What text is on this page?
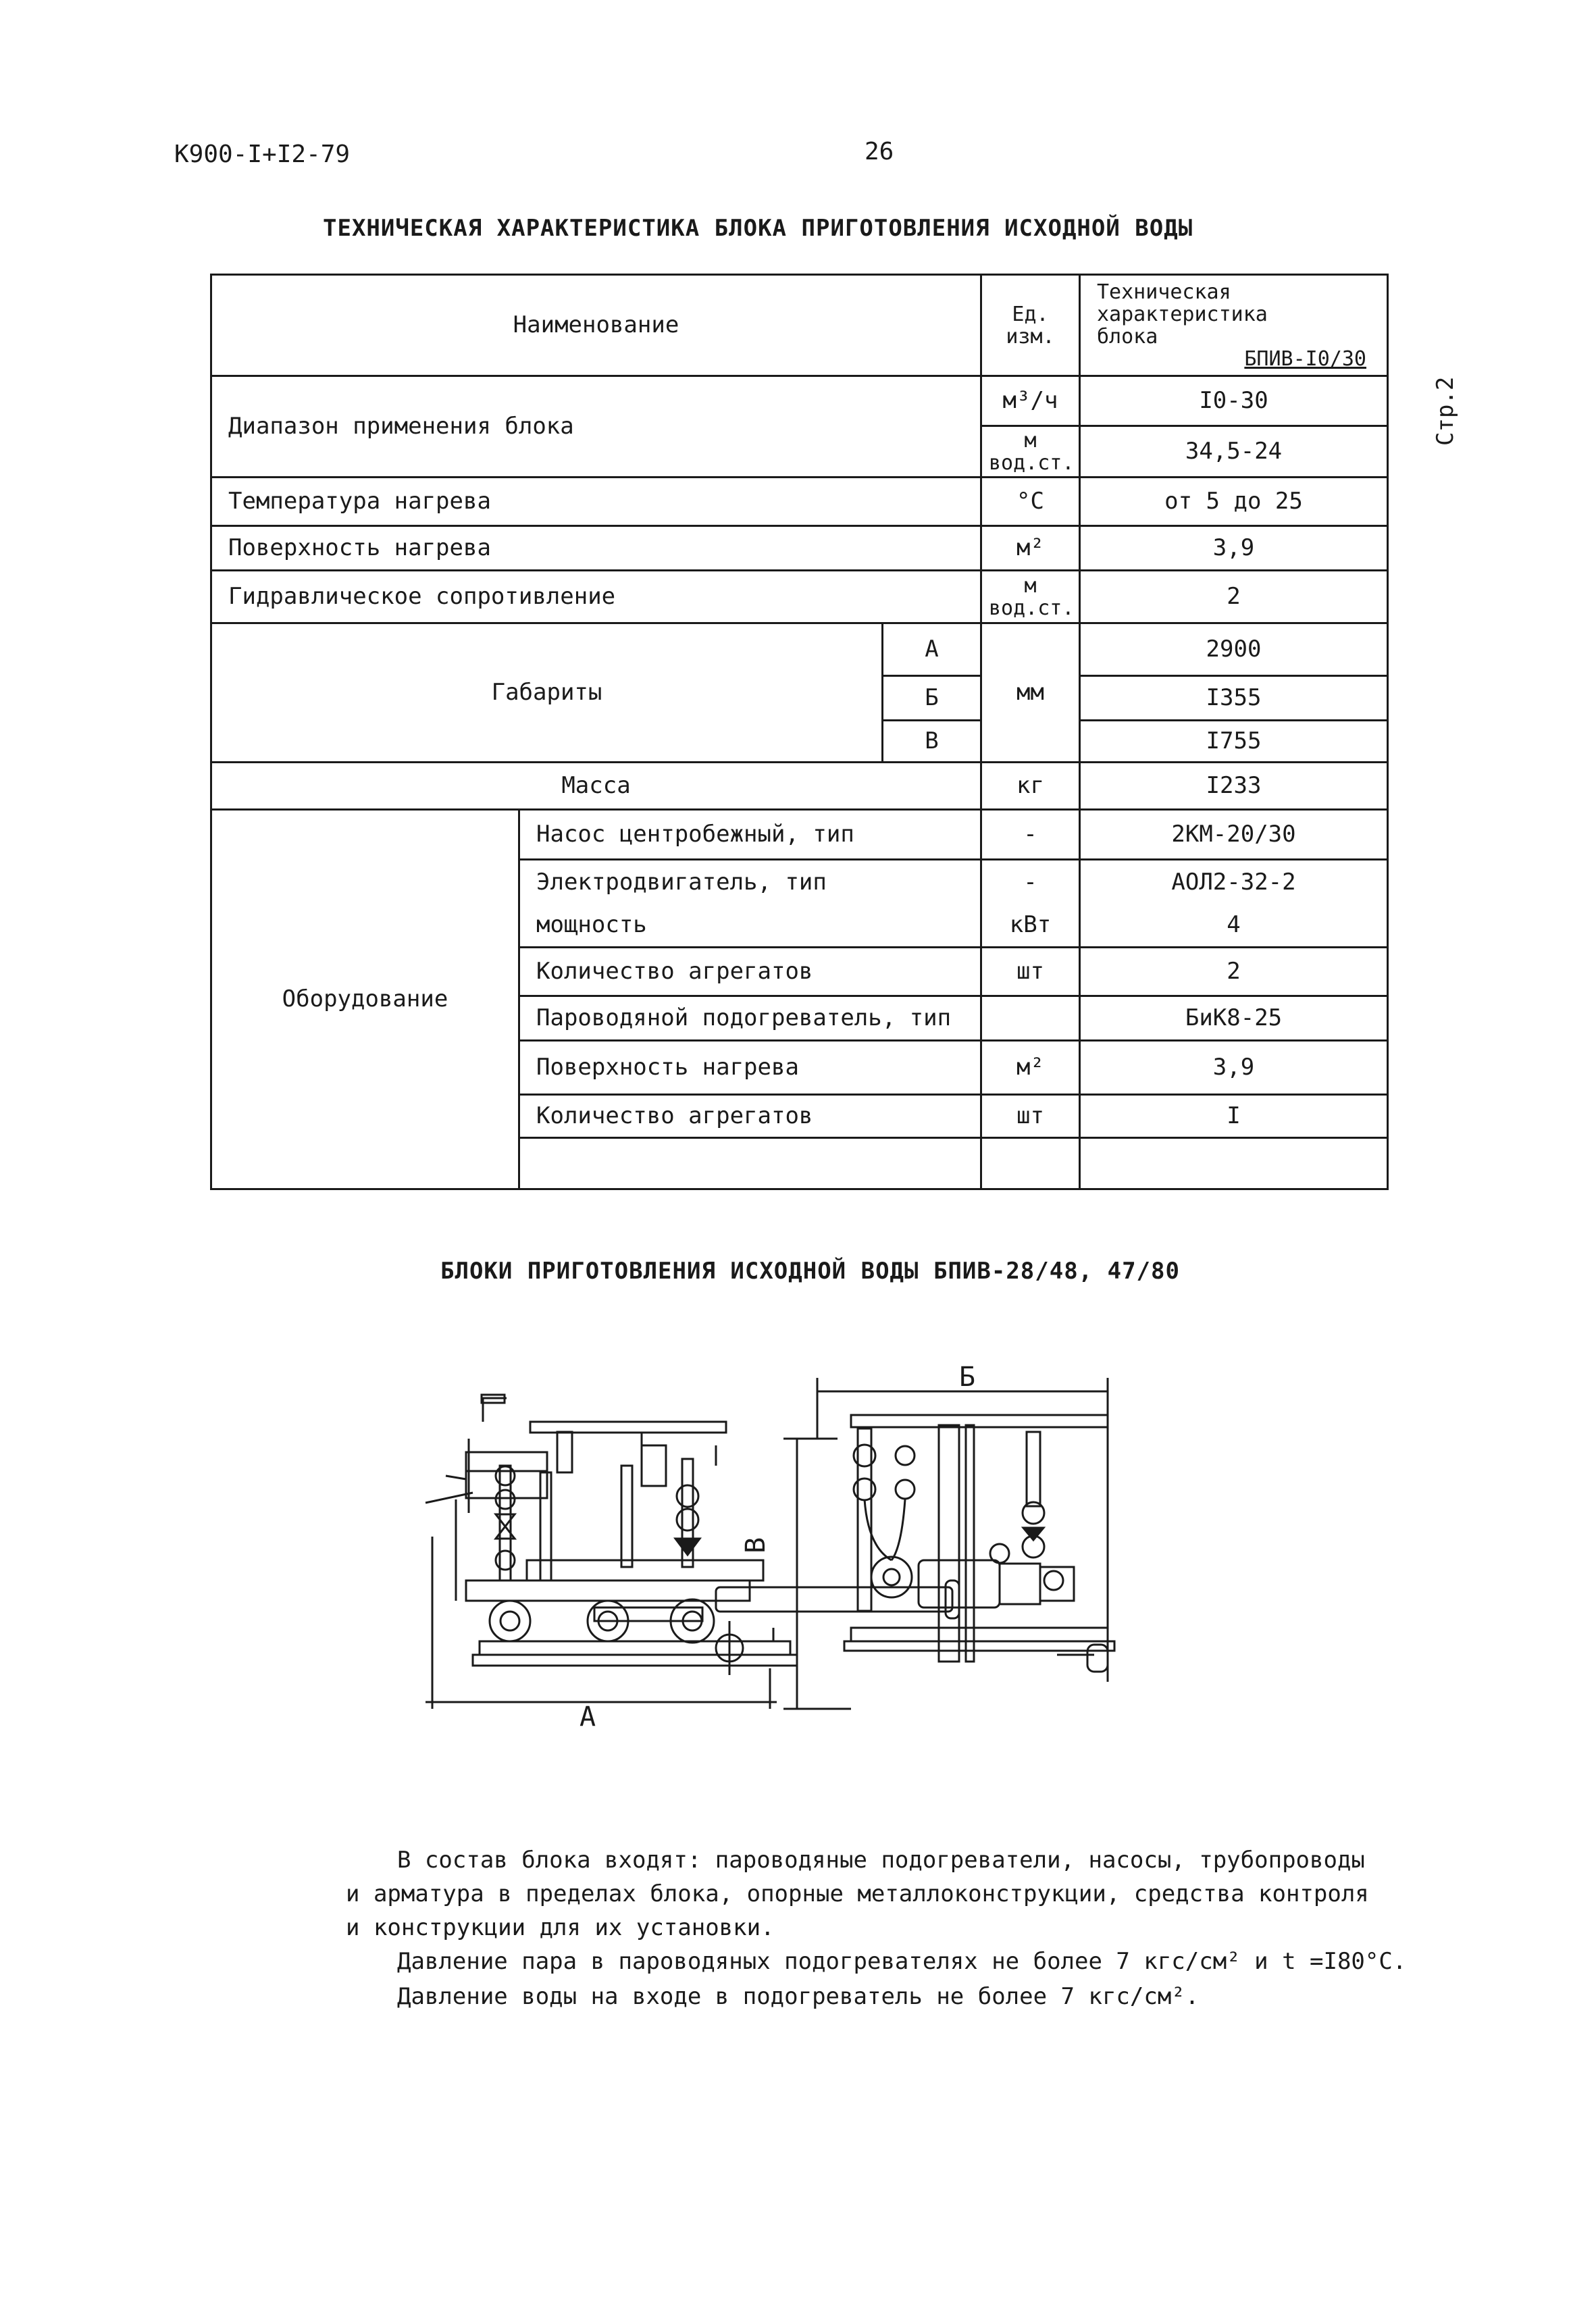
К900-I+I2-79	26
Стр.2
ТЕХНИЧЕСКАЯ ХАРАКТЕРИСТИКА БЛОКА ПРИГОТОВЛЕНИЯ ИСХОДНОЙ ВОДЫ
Наименование			Ед. изм.	Техническая характеристика блока
БПИВ-I0/30

Диапазон применения блока			м³/ч	I0-30
			м вод.ст.	34,5-24
Температура нагрева			°C	от 5 до 25
Поверхность нагрева			м²	3,9
Гидравлическое сопротивление			м вод.ст.	2
Габариты		А	мм	2900
		Б		I355
		В		I755
Масса			кг	I233
Оборудование	Насос центробежный, тип		-	2КМ-20/30
	Электродвигатель, тип		-	АОЛ2-32-2
	мощность		кВт	4
	Количество агрегатов		шт	2
	Пароводяной подогреватель, тип			БиК8-25
	Поверхность нагрева		м²	3,9
	Количество агрегатов		шт	I

БЛОКИ ПРИГОТОВЛЕНИЯ ИСХОДНОЙ ВОДЫ БПИВ-28/48, 47/80
А
Б
В
В состав блока входят: пароводяные подогреватели, насосы, трубопроводы
и арматура в пределах блока, опорные металлоконструкции, средства контроля
и конструкции для их установки.
Давление пара в пароводяных подогревателях не более 7 кгс/см² и t =I80°С.
Давление воды на входе в подогреватель не более 7 кгс/см².
